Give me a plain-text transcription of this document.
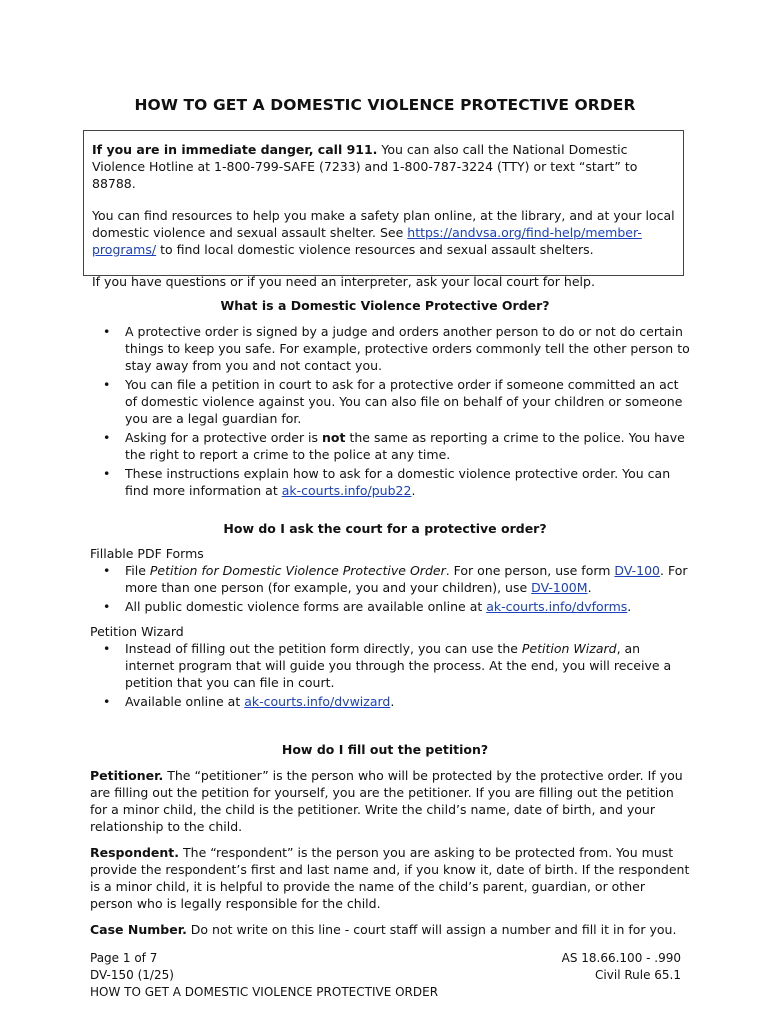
HOW TO GET A DOMESTIC VIOLENCE PROTECTIVE ORDER

If you are in immediate danger, call 911. You can also call the National Domestic Violence Hotline at 1-800-799-SAFE (7233) and 1-800-787-3224 (TTY) or text “start” to 88788.

You can find resources to help you make a safety plan online, at the library, and at your local domestic violence and sexual assault shelter. See https://andvsa.org/find-help/member-programs/ to find local domestic violence resources and sexual assault shelters.

If you have questions or if you need an interpreter, ask your local court for help.

What is a Domestic Violence Protective Order?
• A protective order is signed by a judge and orders another person to do or not do certain things to keep you safe. For example, protective orders commonly tell the other person to stay away from you and not contact you.
• You can file a petition in court to ask for a protective order if someone committed an act of domestic violence against you. You can also file on behalf of your children or someone you are a legal guardian for.
• Asking for a protective order is not the same as reporting a crime to the police. You have the right to report a crime to the police at any time.
• These instructions explain how to ask for a domestic violence protective order. You can find more information at ak-courts.info/pub22.
How do I ask the court for a protective order?

Fillable PDF Forms

• File Petition for Domestic Violence Protective Order. For one person, use form DV-100. For more than one person (for example, you and your children), use DV-100M.
• All public domestic violence forms are available online at ak-courts.info/dvforms.

Petition Wizard

• Instead of filling out the petition form directly, you can use the Petition Wizard, an internet program that will guide you through the process. At the end, you will receive a petition that you can file in court.
• Available online at ak-courts.info/dvwizard.
How do I fill out the petition?

Petitioner. The “petitioner” is the person who will be protected by the protective order. If you are filling out the petition for yourself, you are the petitioner. If you are filling out the petition for a minor child, the child is the petitioner. Write the child’s name, date of birth, and your relationship to the child.

Respondent. The “respondent” is the person you are asking to be protected from. You must provide the respondent’s first and last name and, if you know it, date of birth. If the respondent is a minor child, it is helpful to provide the name of the child’s parent, guardian, or other person who is legally responsible for the child.

Case Number. Do not write on this line - court staff will assign a number and fill it in for you.

Page 1 of 7
DV-150 (1/25)
HOW TO GET A DOMESTIC VIOLENCE PROTECTIVE ORDER
AS 18.66.100 - .990
Civil Rule 65.1
